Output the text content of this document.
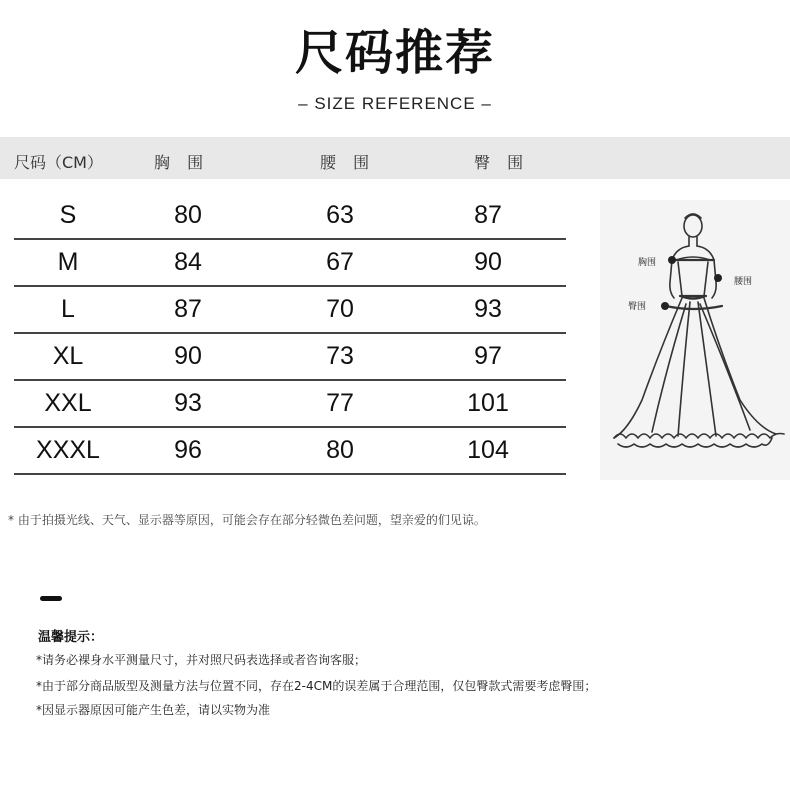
尺码推荐
– SIZE REFERENCE –
尺码（CM）	胸 围	腰 围	臀 围
S	80	63	87
M	84	67	90
L	87	70	93
XL	90	73	97
XXL	93	77	101
XXXL	96	80	104
胸围
腰围
臀围
* 由于拍摄光线、天气、显示器等原因，可能会存在部分轻微色差问题，望亲爱的们见谅。
温馨提示：
*请务必裸身水平测量尺寸，并对照尺码表选择或者咨询客服；
*由于部分商品版型及测量方法与位置不同，存在2-4CM的误差属于合理范围，仅包臀款式需要考虑臀围；
*因显示器原因可能产生色差，请以实物为准
